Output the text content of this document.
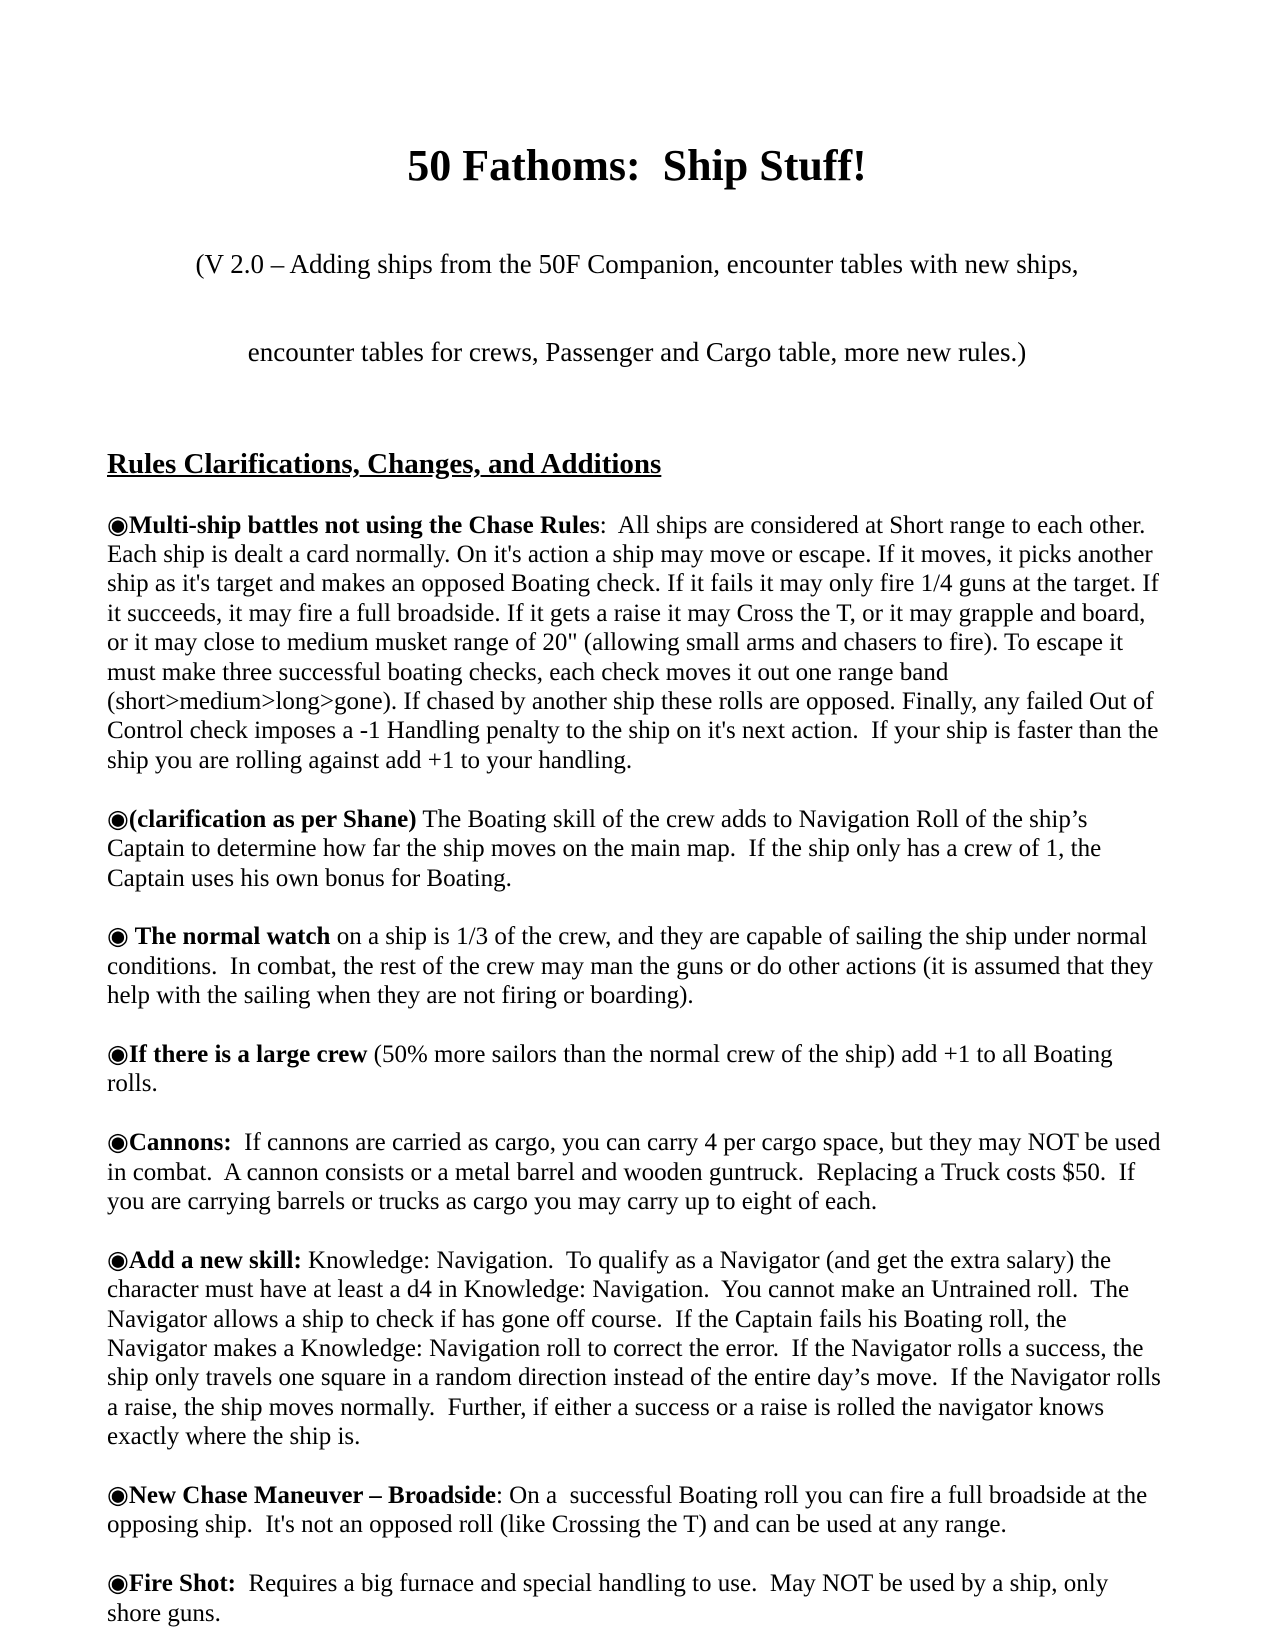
50 Fathoms:  Ship Stuff!

(V 2.0 – Adding ships from the 50F Companion, encounter tables with new ships,

encounter tables for crews, Passenger and Cargo table, more new rules.)

Rules Clarifications, Changes, and Additions

◉Multi-ship battles not using the Chase Rules:  All ships are considered at Short range to each other. Each ship is dealt a card normally. On it's action a ship may move or escape. If it moves, it picks another ship as it's target and makes an opposed Boating check. If it fails it may only fire 1/4 guns at the target. If it succeeds, it may fire a full broadside. If it gets a raise it may Cross the T, or it may grapple and board, or it may close to medium musket range of 20" (allowing small arms and chasers to fire). To escape it must make three successful boating checks, each check moves it out one range band (short>medium>long>gone). If chased by another ship these rolls are opposed. Finally, any failed Out of Control check imposes a -1 Handling penalty to the ship on it's next action.  If your ship is faster than the ship you are rolling against add +1 to your handling.

◉(clarification as per Shane) The Boating skill of the crew adds to Navigation Roll of the ship’s Captain to determine how far the ship moves on the main map.  If the ship only has a crew of 1, the Captain uses his own bonus for Boating.

◉ The normal watch on a ship is 1/3 of the crew, and they are capable of sailing the ship under normal conditions.  In combat, the rest of the crew may man the guns or do other actions (it is assumed that they help with the sailing when they are not firing or boarding).

◉If there is a large crew (50% more sailors than the normal crew of the ship) add +1 to all Boating rolls.

◉Cannons:  If cannons are carried as cargo, you can carry 4 per cargo space, but they may NOT be used in combat.  A cannon consists or a metal barrel and wooden guntruck.  Replacing a Truck costs $50.  If you are carrying barrels or trucks as cargo you may carry up to eight of each.

◉Add a new skill: Knowledge: Navigation.  To qualify as a Navigator (and get the extra salary) the character must have at least a d4 in Knowledge: Navigation.  You cannot make an Untrained roll.  The Navigator allows a ship to check if has gone off course.  If the Captain fails his Boating roll, the Navigator makes a Knowledge: Navigation roll to correct the error.  If the Navigator rolls a success, the ship only travels one square in a random direction instead of the entire day’s move.  If the Navigator rolls a raise, the ship moves normally.  Further, if either a success or a raise is rolled the navigator knows exactly where the ship is.

◉New Chase Maneuver – Broadside: On a  successful Boating roll you can fire a full broadside at the opposing ship.  It's not an opposed roll (like Crossing the T) and can be used at any range.

◉Fire Shot:  Requires a big furnace and special handling to use.  May NOT be used by a ship, only shore guns.
